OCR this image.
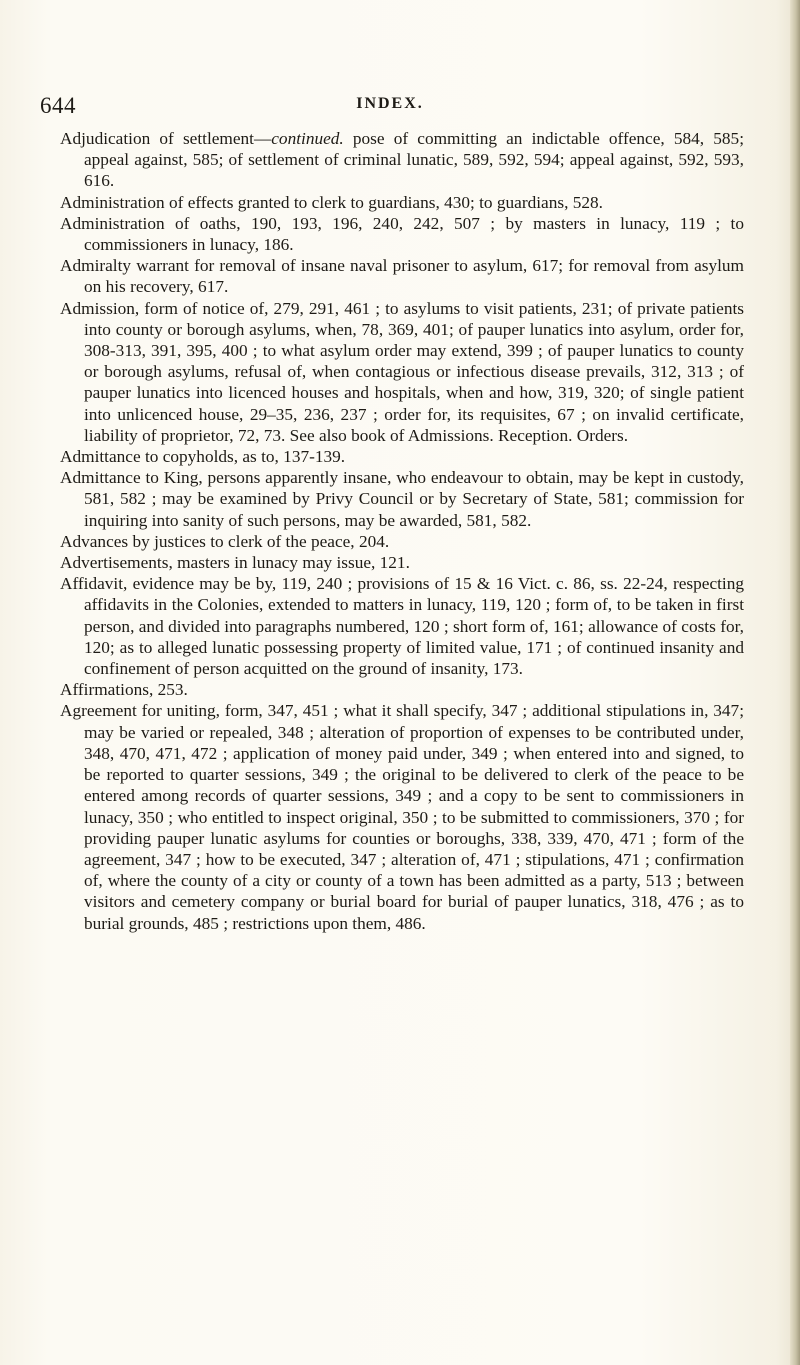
644	INDEX.

Adjudication of settlement—continued. pose of committing an indictable offence, 584, 585; appeal against, 585; of settlement of criminal lunatic, 589, 592, 594; appeal against, 592, 593, 616.

Administration of effects granted to clerk to guardians, 430; to guardians, 528.

Administration of oaths, 190, 193, 196, 240, 242, 507 ; by masters in lunacy, 119 ; to commissioners in lunacy, 186.

Admiralty warrant for removal of insane naval prisoner to asylum, 617; for removal from asylum on his recovery, 617.

Admission, form of notice of, 279, 291, 461 ; to asylums to visit patients, 231; of private patients into county or borough asylums, when, 78, 369, 401; of pauper lunatics into asylum, order for, 308-313, 391, 395, 400 ; to what asylum order may extend, 399 ; of pauper lunatics to county or borough asylums, refusal of, when contagious or infectious disease prevails, 312, 313 ; of pauper lunatics into licenced houses and hospitals, when and how, 319, 320; of single patient into unlicenced house, 29–35, 236, 237 ; order for, its requisites, 67 ; on invalid certificate, liability of proprietor, 72, 73. See also book of Admissions. Reception. Orders.

Admittance to copyholds, as to, 137-139.

Admittance to King, persons apparently insane, who endeavour to obtain, may be kept in custody, 581, 582 ; may be examined by Privy Council or by Secretary of State, 581; commission for inquiring into sanity of such persons, may be awarded, 581, 582.

Advances by justices to clerk of the peace, 204.

Advertisements, masters in lunacy may issue, 121.

Affidavit, evidence may be by, 119, 240 ; provisions of 15 & 16 Vict. c. 86, ss. 22-24, respecting affidavits in the Colonies, extended to matters in lunacy, 119, 120 ; form of, to be taken in first person, and divided into paragraphs numbered, 120 ; short form of, 161; allowance of costs for, 120; as to alleged lunatic possessing property of limited value, 171 ; of continued insanity and confinement of person acquitted on the ground of insanity, 173.

Affirmations, 253.

Agreement for uniting, form, 347, 451 ; what it shall specify, 347 ; additional stipulations in, 347; may be varied or repealed, 348 ; alteration of proportion of expenses to be contributed under, 348, 470, 471, 472 ; application of money paid under, 349 ; when entered into and signed, to be reported to quarter sessions, 349 ; the original to be delivered to clerk of the peace to be entered among records of quarter sessions, 349 ; and a copy to be sent to commissioners in lunacy, 350 ; who entitled to inspect original, 350 ; to be submitted to commissioners, 370 ; for providing pauper lunatic asylums for counties or boroughs, 338, 339, 470, 471 ; form of the agreement, 347 ; how to be executed, 347 ; alteration of, 471 ; stipulations, 471 ; confirmation of, where the county of a city or county of a town has been admitted as a party, 513 ; between visitors and cemetery company or burial board for burial of pauper lunatics, 318, 476 ; as to burial grounds, 485 ; restrictions upon them, 486.
